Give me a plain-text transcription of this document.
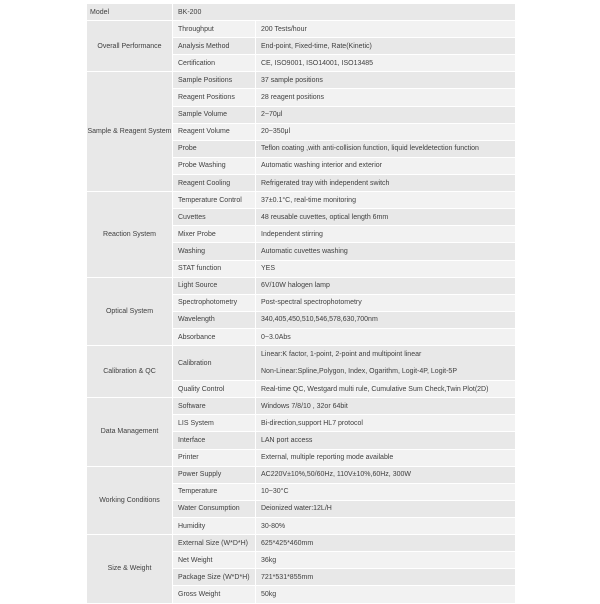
Model	BK-200	
Overall Performance	Throughput	200 Tests/hour
	Analysis Method	End-point, Fixed-time, Rate(Kinetic)
	Certification	CE, ISO9001, ISO14001, ISO13485
Sample & Reagent System	Sample Positions	37 sample positions
	Reagent Positions	28 reagent positions
	Sample Volume	2~70μl
	Reagent Volume	20~350μl
	Probe	Teflon coating ,with anti-collision function, liquid leveldetection function
	Probe Washing	Automatic washing interior and exterior
	Reagent Cooling	Refrigerated tray with independent switch
Reaction System	Temperature Control	37±0.1°C, real-time monitoring
	Cuvettes	48 reusable cuvettes, optical length 6mm
	Mixer Probe	Independent stirring
	Washing	Automatic cuvettes washing
	STAT function	YES
Optical System	Light Source	6V/10W halogen lamp
	Spectrophotometry	Post-spectral spectrophotometry
	Wavelength	340,405,450,510,546,578,630,700nm
	Absorbance	0~3.0Abs
Calibration & QC	Calibration	Linear:K factor, 1-point, 2-point and multipoint linear
Non-Linear:Spline,Polygon, Index, Ogarithm, Logit-4P, Logit-5P

	Quality Control	Real-time QC, Westgard multi rule, Cumulative Sum Check,Twin Plot(2D)
Data Management	Software	Windows 7/8/10 , 32or 64bit
	LIS System	Bi-direction,support HL7 protocol
	Interface	LAN port access
	Printer	External, multiple reporting mode available
Working Conditions	Power Supply	AC220V±10%,50/60Hz, 110V±10%,60Hz, 300W
	Temperature	10~30°C
	Water Consumption	Deionized water:12L/H
	Humidity	30-80%
Size & Weight	External Size (W*D*H)	625*425*460mm
	Net Weight	36kg
	Package Size (W*D*H)	721*531*855mm
	Gross Weight	50kg
